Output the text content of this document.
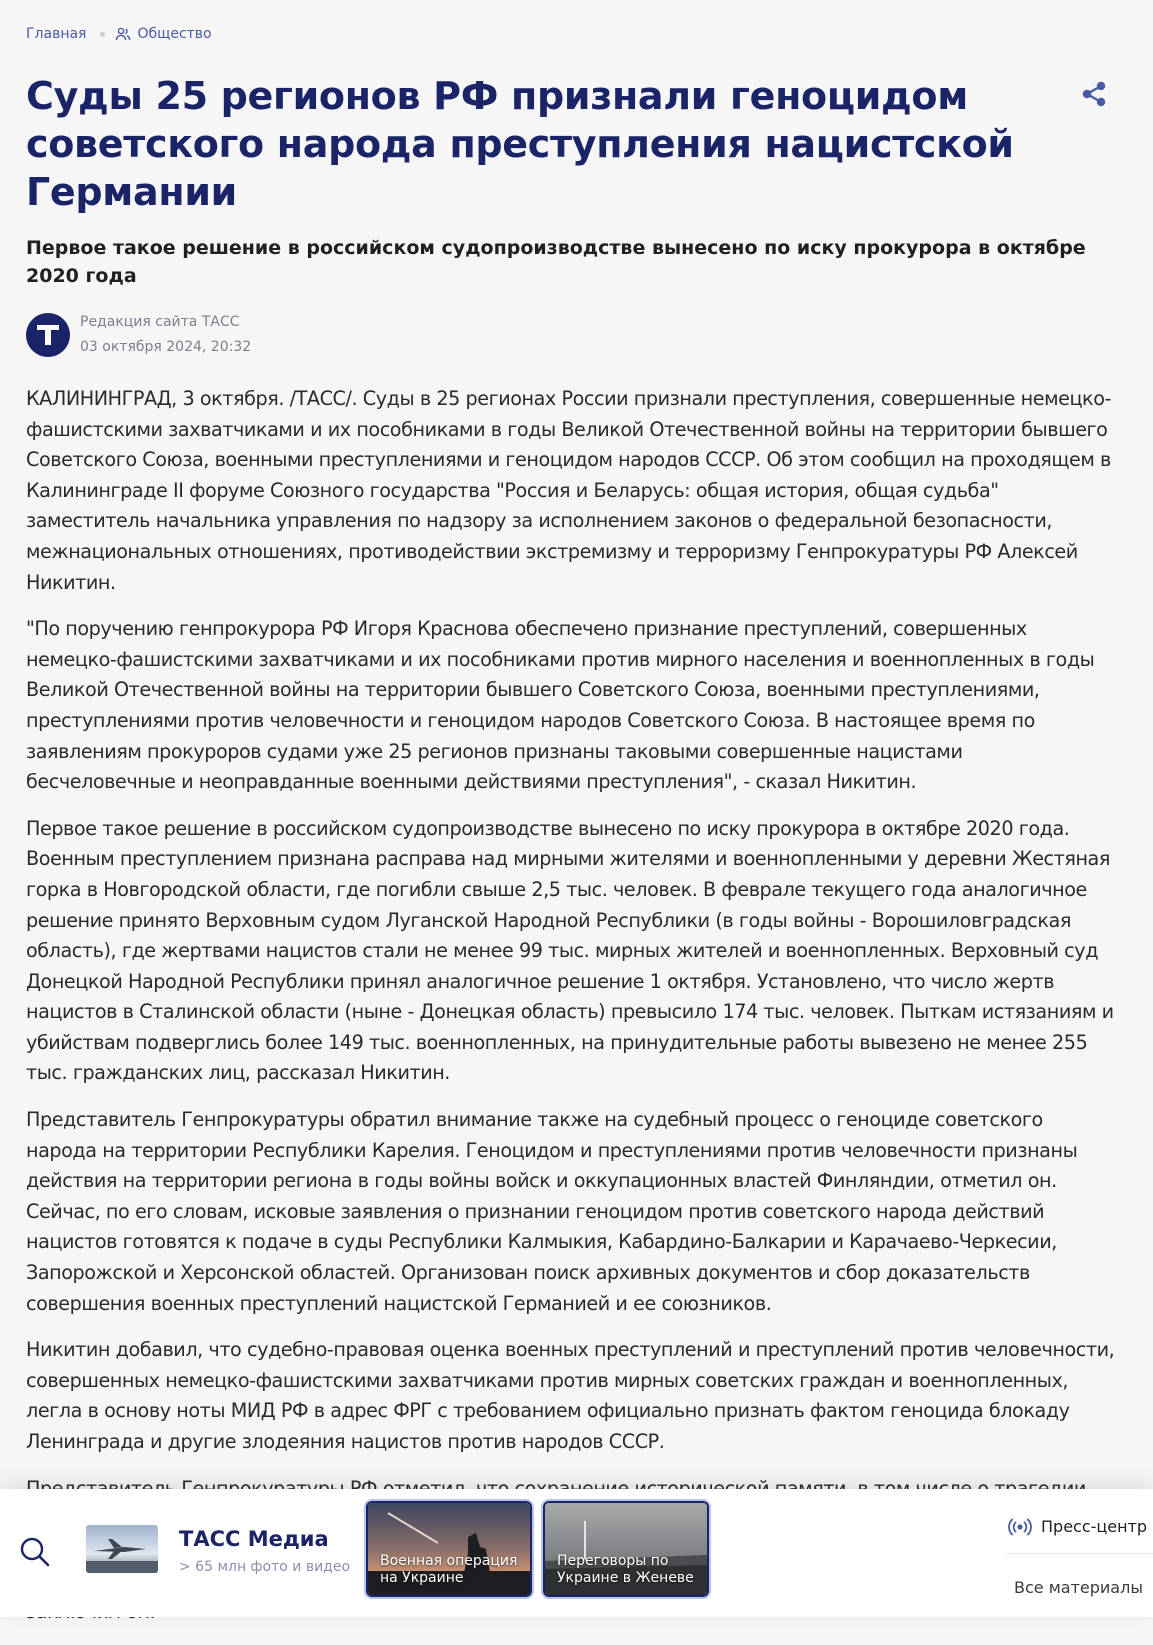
Главная	Общество
Суды 25 регионов РФ признали геноцидом советского народа преступления нацистской Германии
Первое такое решение в российском судопроизводстве вынесено по иску прокурора в октябре 2020 года
Редакция сайта ТАСС
03 октября 2024, 20:32

КАЛИНИНГРАД, 3 октября. /ТАСС/. Суды в 25 регионах России признали преступления, совершенные немецко-фашистскими захватчиками и их пособниками в годы Великой Отечественной войны на территории бывшего Советского Союза, военными преступлениями и геноцидом народов СССР. Об этом сообщил на проходящем в Калининграде II форуме Союзного государства "Россия и Беларусь: общая история, общая судьба" заместитель начальника управления по надзору за исполнением законов о федеральной безопасности, межнациональных отношениях, противодействии экстремизму и терроризму Генпрокуратуры РФ Алексей Никитин.

"По поручению генпрокурора РФ Игоря Краснова обеспечено признание преступлений, совершенных немецко-фашистскими захватчиками и их пособниками против мирного населения и военнопленных в годы Великой Отечественной войны на территории бывшего Советского Союза, военными преступлениями, преступлениями против человечности и геноцидом народов Советского Союза. В настоящее время по заявлениям прокуроров судами уже 25 регионов признаны таковыми совершенные нацистами бесчеловечные и неоправданные военными действиями преступления", - сказал Никитин.

Первое такое решение в российском судопроизводстве вынесено по иску прокурора в октябре 2020 года. Военным преступлением признана расправа над мирными жителями и военнопленными у деревни Жестяная горка в Новгородской области, где погибли свыше 2,5 тыс. человек. В феврале текущего года аналогичное решение принято Верховным судом Луганской Народной Республики (в годы войны - Ворошиловградская область), где жертвами нацистов стали не менее 99 тыс. мирных жителей и военнопленных. Верховный суд Донецкой Народной Республики принял аналогичное решение 1 октября. Установлено, что число жертв нацистов в Сталинской области (ныне - Донецкая область) превысило 174 тыс. человек. Пыткам истязаниям и убийствам подверглись более 149 тыс. военнопленных, на принудительные работы вывезено не менее 255 тыс. гражданских лиц, рассказал Никитин.

Представитель Генпрокуратуры обратил внимание также на судебный процесс о геноциде советского народа на территории Республики Карелия. Геноцидом и преступлениями против человечности признаны действия на территории региона в годы войны войск и оккупационных властей Финляндии, отметил он. Сейчас, по его словам, исковые заявления о признании геноцидом против советского народа действий нацистов готовятся к подаче в суды Республики Калмыкия, Кабардино-Балкарии и Карачаево-Черкесии, Запорожской и Херсонской областей. Организован поиск архивных документов и сбор доказательств совершения военных преступлений нацистской Германией и ее союзников.

Никитин добавил, что судебно-правовая оценка военных преступлений и преступлений против человечности, совершенных немецко-фашистскими захватчиками против мирных советских граждан и военнопленных, легла в основу ноты МИД РФ в адрес ФРГ с требованием официально признать фактом геноцида блокаду Ленинграда и другие злодеяния нацистов против народов СССР.

ТАСС Медиа
> 65 млн фото и видео Военная операция на Украине
Переговоры по Украине в Женеве
Пресс-центр
Все материалы
